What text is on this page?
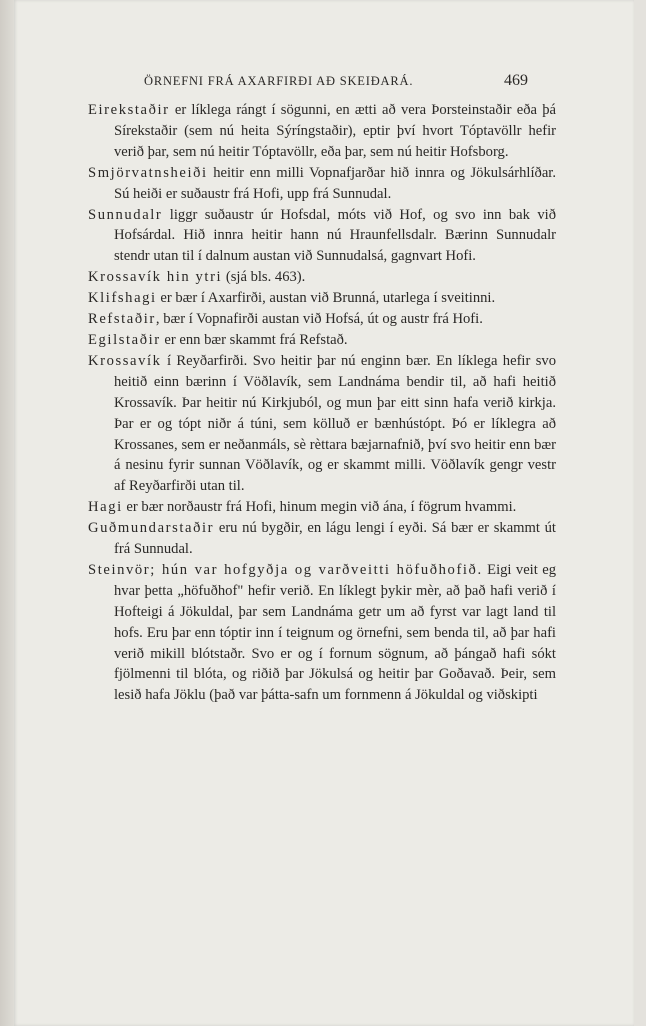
ÖRNEFNI FRÁ AXARFIRÐI AÐ SKEIÐARÁ.	469

Eirekstaðir er líklega rángt í sögunni, en ætti að vera Þorsteinstaðir eða þá Sírekstaðir (sem nú heita Sýríngstaðir), eptir því hvort Tóptavöllr hefir verið þar, sem nú heitir Tóptavöllr, eða þar, sem nú heitir Hofsborg.

Smjörvatnsheiði heitir enn milli Vopnafjarðar hið innra og Jökulsárhlíðar. Sú heiði er suðaustr frá Hofi, upp frá Sunnudal.

Sunnudalr liggr suðaustr úr Hofsdal, móts við Hof, og svo inn bak við Hofsárdal. Hið innra heitir hann nú Hraunfellsdalr. Bærinn Sunnudalr stendr utan til í dalnum austan við Sunnudalsá, gagnvart Hofi.

Krossavík hin ytri (sjá bls. 463).

Klifshagi er bær í Axarfirði, austan við Brunná, utarlega í sveitinni.

Refstaðir, bær í Vopnafirði austan við Hofsá, út og austr frá Hofi.

Egilstaðir er enn bær skammt frá Refstað.

Krossavík í Reyðarfirði. Svo heitir þar nú enginn bær. En líklega hefir svo heitið einn bærinn í Vöðlavík, sem Landnáma bendir til, að hafi heitið Krossavík. Þar heitir nú Kirkjuból, og mun þar eitt sinn hafa verið kirkja. Þar er og tópt niðr á túni, sem kölluð er bænhústópt. Þó er líklegra að Krossanes, sem er neðanmáls, sè rèttara bæjarnafnið, því svo heitir enn bær á nesinu fyrir sunnan Vöðlavík, og er skammt milli. Vöðlavík gengr vestr af Reyðarfirði utan til.

Hagi er bær norðaustr frá Hofi, hinum megin við ána, í fögrum hvammi.

Guðmundarstaðir eru nú bygðir, en lágu lengi í eyði. Sá bær er skammt út frá Sunnudal.

Steinvör; hún var hofgyðja og varðveitti höfuðhofið. Eigi veit eg hvar þetta „höfuðhof" hefir verið. En líklegt þykir mèr, að það hafi verið í Hofteigi á Jökuldal, þar sem Landnáma getr um að fyrst var lagt land til hofs. Eru þar enn tóptir inn í teignum og örnefni, sem benda til, að þar hafi verið mikill blótstaðr. Svo er og í fornum sögnum, að þángað hafi sókt fjölmenni til blóta, og riðið þar Jökulsá og heitir þar Goðavað. Þeir, sem lesið hafa Jöklu (það var þátta-safn um fornmenn á Jökuldal og viðskipti
